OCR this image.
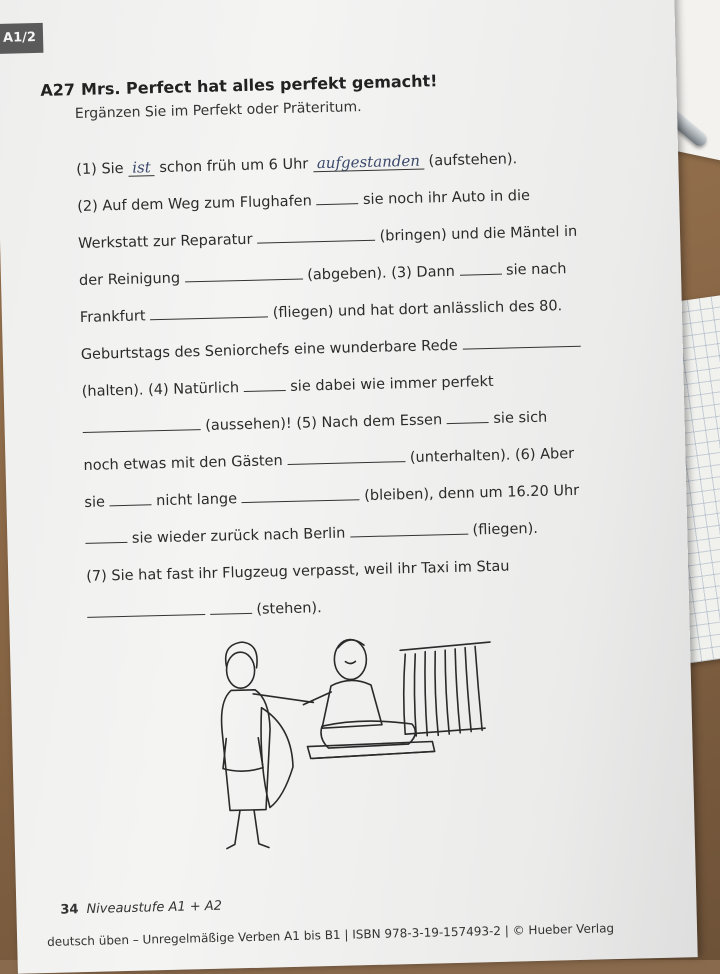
A1/2
A27 Mrs. Perfect hat alles perfekt gemacht!
Ergänzen Sie im Perfekt oder Präteritum.
(1) Sie ist schon früh um 6 Uhr aufgestanden (aufstehen).
(2) Auf dem Weg zum Flughafen	sie noch ihr Auto in die
Werkstatt zur Reparatur	(bringen) und die Mäntel in
der Reinigung	(abgeben). (3) Dann	sie nach
Frankfurt	(fliegen) und hat dort anlässlich des 80.
Geburtstags des Seniorchefs eine wunderbare Rede
(halten). (4) Natürlich	sie dabei wie immer perfekt
(aussehen)! (5) Nach dem Essen	sie sich
noch etwas mit den Gästen	(unterhalten). (6) Aber
sie	nicht lange	(bleiben), denn um 16.20 Uhr
sie wieder zurück nach Berlin	(fliegen).
(7) Sie hat fast ihr Flugzeug verpasst, weil ihr Taxi im Stau
(stehen).
34 Niveaustufe A1 + A2
deutsch üben – Unregelmäßige Verben A1 bis B1 | ISBN 978-3-19-157493-2 | © Hueber Verlag
